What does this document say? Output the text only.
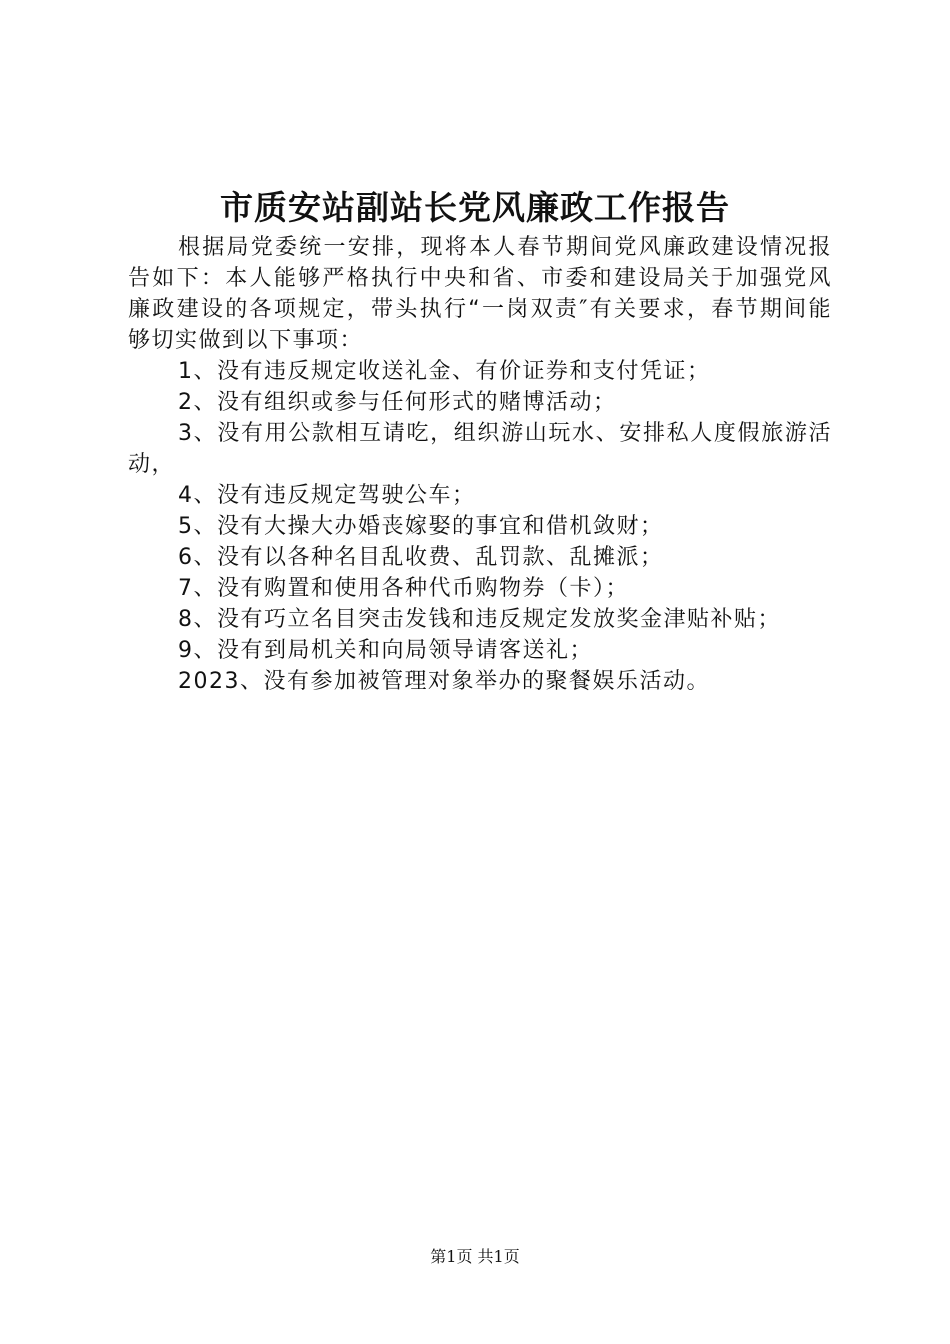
市质安站副站长党风廉政工作报告

根据局党委统一安排，现将本人春节期间党风廉政建设情况报告如下：本人能够严格执行中央和省、市委和建设局关于加强党风廉政建设的各项规定，带头执行“一岗双责″有关要求，春节期间能够切实做到以下事项：

1、没有违反规定收送礼金、有价证券和支付凭证；

2、没有组织或参与任何形式的赌博活动；

3、没有用公款相互请吃，组织游山玩水、安排私人度假旅游活动，

4、没有违反规定驾驶公车；

5、没有大操大办婚丧嫁娶的事宜和借机敛财；

6、没有以各种名目乱收费、乱罚款、乱摊派；

7、没有购置和使用各种代币购物券（卡）；

8、没有巧立名目突击发钱和违反规定发放奖金津贴补贴；

9、没有到局机关和向局领导请客送礼；

2023、没有参加被管理对象举办的聚餐娱乐活动。

第1页 共1页
